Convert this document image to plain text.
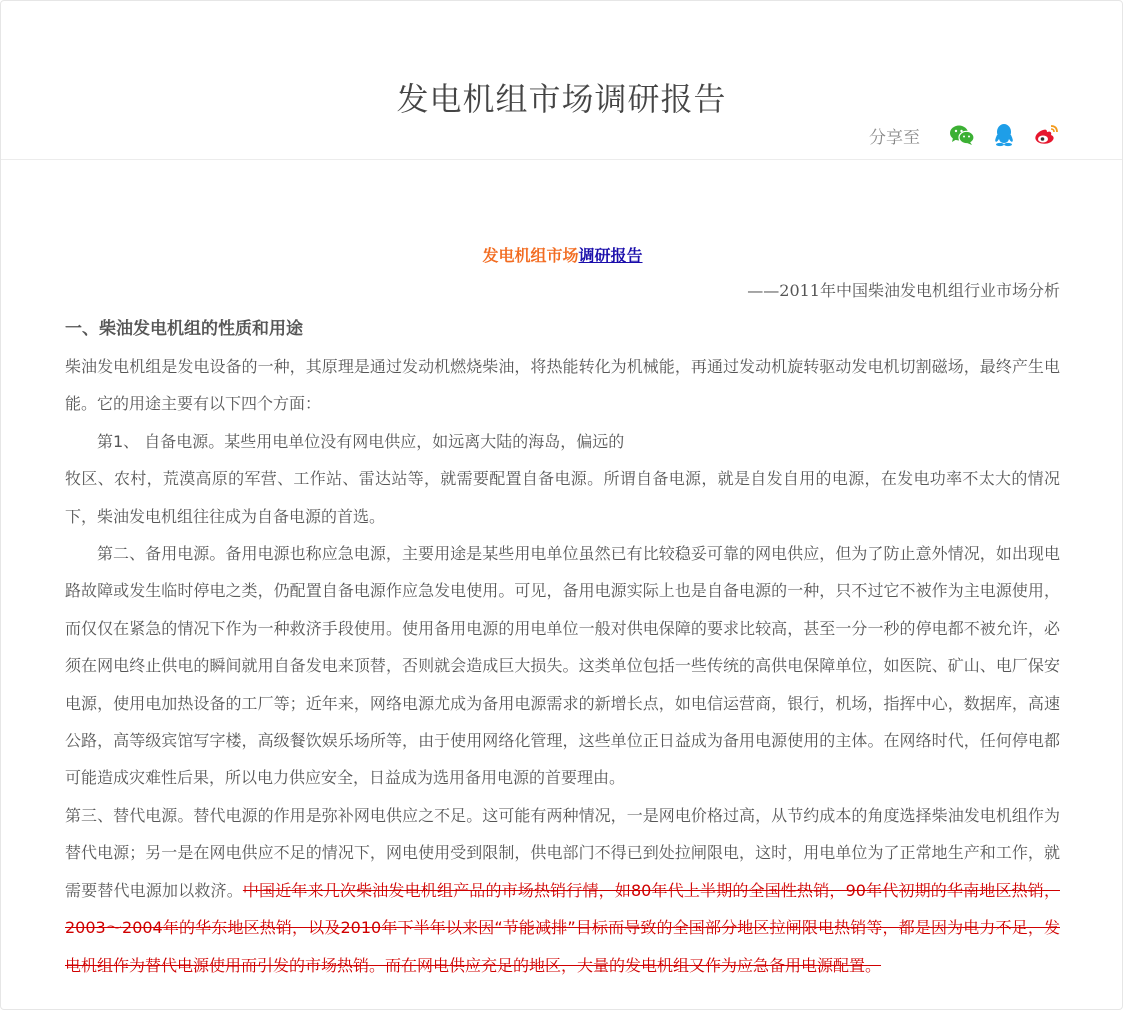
发电机组市场调研报告
分享至

发电机组市场调研报告

——2011年中国柴油发电机组行业市场分析

一、柴油发电机组的性质和用途

柴油发电机组是发电设备的一种，其原理是通过发动机燃烧柴油，将热能转化为机械能，再通过发动机旋转驱动发电机切割磁场，最终产生电能。它的用途主要有以下四个方面：

第1、 自备电源。某些用电单位没有网电供应，如远离大陆的海岛，偏远的

牧区、农村，荒漠高原的军营、工作站、雷达站等，就需要配置自备电源。所谓自备电源，就是自发自用的电源，在发电功率不太大的情况下，柴油发电机组往往成为自备电源的首选。

第二、备用电源。备用电源也称应急电源，主要用途是某些用电单位虽然已有比较稳妥可靠的网电供应，但为了防止意外情况，如出现电路故障或发生临时停电之类，仍配置自备电源作应急发电使用。可见，备用电源实际上也是自备电源的一种，只不过它不被作为主电源使用，而仅仅在紧急的情况下作为一种救济手段使用。使用备用电源的用电单位一般对供电保障的要求比较高，甚至一分一秒的停电都不被允许，必须在网电终止供电的瞬间就用自备发电来顶替，否则就会造成巨大损失。这类单位包括一些传统的高供电保障单位，如医院、矿山、电厂保安电源，使用电加热设备的工厂等；近年来，网络电源尤成为备用电源需求的新增长点，如电信运营商，银行，机场，指挥中心，数据库，高速公路，高等级宾馆写字楼，高级餐饮娱乐场所等，由于使用网络化管理，这些单位正日益成为备用电源使用的主体。在网络时代，任何停电都可能造成灾难性后果，所以电力供应安全，日益成为选用备用电源的首要理由。

第三、替代电源。替代电源的作用是弥补网电供应之不足。这可能有两种情况，一是网电价格过高，从节约成本的角度选择柴油发电机组作为替代电源；另一是在网电供应不足的情况下，网电使用受到限制，供电部门不得已到处拉闸限电，这时，用电单位为了正常地生产和工作，就需要替代电源加以救济。中国近年来几次柴油发电机组产品的市场热销行情，如80年代上半期的全国性热销，90年代初期的华南地区热销，2003～2004年的华东地区热销，以及2010年下半年以来因“节能减排”目标而导致的全国部分地区拉闸限电热销等，都是因为电力不足，发电机组作为替代电源使用而引发的市场热销。而在网电供应充足的地区，大量的发电机组又作为应急备用电源配置。
